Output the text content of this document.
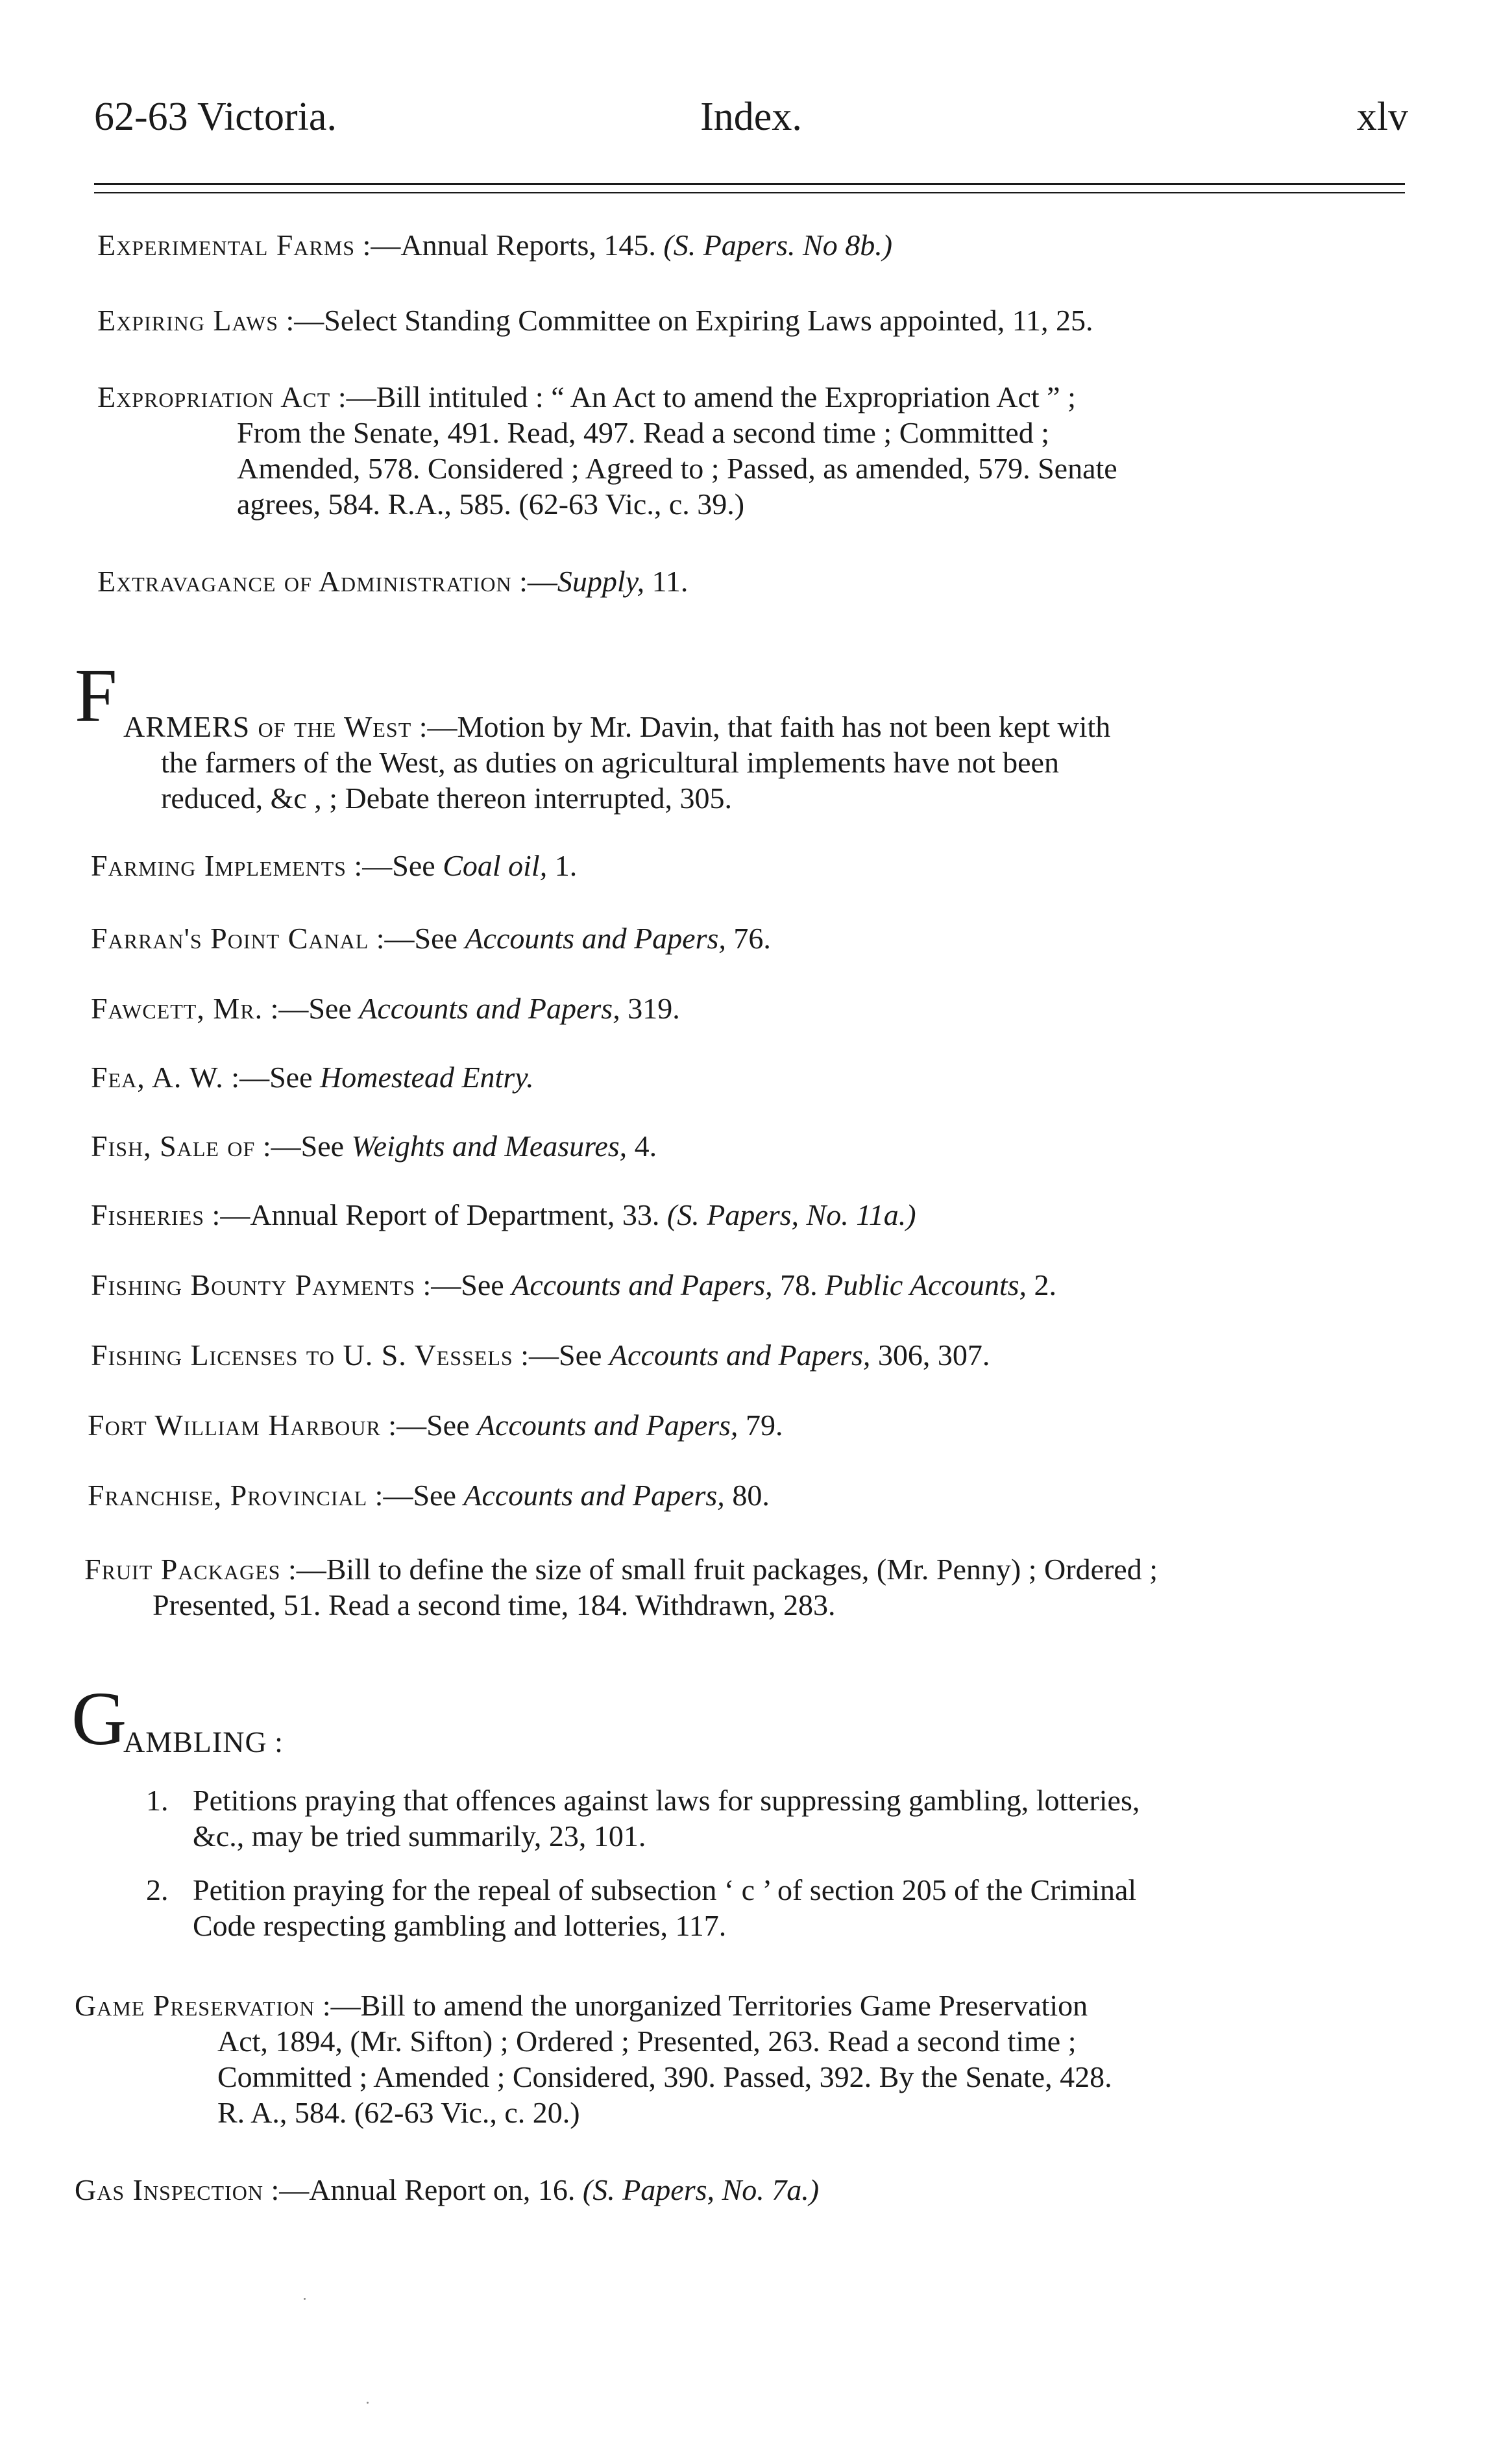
62-63 Victoria.	Index.	xlv
Experimental Farms :—Annual Reports, 145. (S. Papers. No 8b.)
Expiring Laws :—Select Standing Committee on Expiring Laws appointed, 11, 25.
Expropriation Act :—Bill intituled : “ An Act to amend the Expropriation Act ” ;
From the Senate, 491. Read, 497. Read a second time ; Committed ;
Amended, 578. Considered ; Agreed to ; Passed, as amended, 579. Senate
agrees, 584. R.A., 585. (62-63 Vic., c. 39.)
Extravagance of Administration :—Supply, 11.
F ARMERS of the West :—Motion by Mr. Davin, that faith has not been kept with
the farmers of the West, as duties on agricultural implements have not been
reduced, &c , ; Debate thereon interrupted, 305.
Farming Implements :—See Coal oil, 1.
Farran's Point Canal :—See Accounts and Papers, 76.
Fawcett, Mr. :—See Accounts and Papers, 319.
Fea, A. W. :—See Homestead Entry.
Fish, Sale of :—See Weights and Measures, 4.
Fisheries :—Annual Report of Department, 33. (S. Papers, No. 11a.)
Fishing Bounty Payments :—See Accounts and Papers, 78. Public Accounts, 2.
Fishing Licenses to U. S. Vessels :—See Accounts and Papers, 306, 307.
Fort William Harbour :—See Accounts and Papers, 79.
Franchise, Provincial :—See Accounts and Papers, 80.
Fruit Packages :—Bill to define the size of small fruit packages, (Mr. Penny) ; Ordered ;
Presented, 51. Read a second time, 184. Withdrawn, 283.
G
AMBLING :
1. Petitions praying that offences against laws for suppressing gambling, lotteries,
&c., may be tried summarily, 23, 101.
2. Petition praying for the repeal of subsection ‘ c ’ of section 205 of the Criminal
Code respecting gambling and lotteries, 117.
Game Preservation :—Bill to amend the unorganized Territories Game Preservation
Act, 1894, (Mr. Sifton) ; Ordered ; Presented, 263. Read a second time ;
Committed ; Amended ; Considered, 390. Passed, 392. By the Senate, 428.
R. A., 584. (62-63 Vic., c. 20.)
Gas Inspection :—Annual Report on, 16. (S. Papers, No. 7a.)
